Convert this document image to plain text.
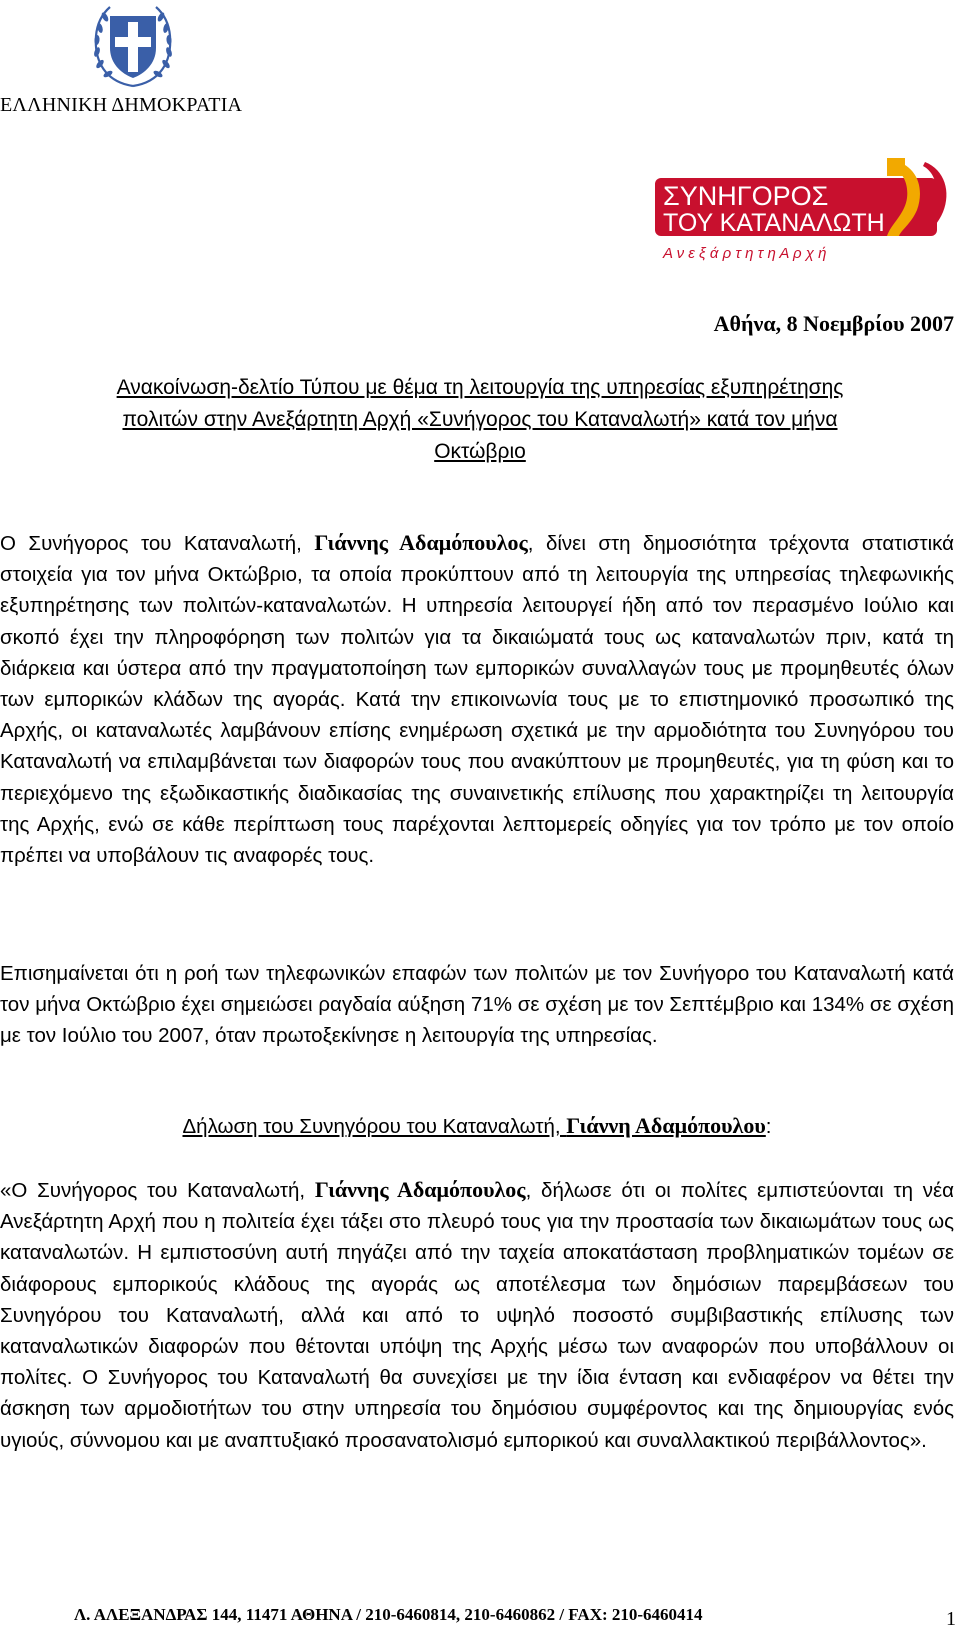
ΕΛΛΗΝΙΚΗ ΔΗΜΟΚΡΑΤΙΑ
ΣΥΝΗΓΟΡΟΣ
ΤΟΥ ΚΑΤΑΝΑΛΩΤΗ
Α ν ε ξ ά ρ τ η τ η Α ρ χ ή
Αθήνα, 8 Νοεμβρίου 2007
Ανακοίνωση-δελτίο Τύπου με θέμα τη λειτουργία της υπηρεσίας εξυπηρέτησης
πολιτών στην Ανεξάρτητη Αρχή «Συνήγορος του Καταναλωτή» κατά τον μήνα
Οκτώβριο
Ο Συνήγορος του Καταναλωτή, Γιάννης Αδαμόπουλος, δίνει στη δημοσιότητα τρέχοντα στατιστικά στοιχεία για τον μήνα Οκτώβριο, τα οποία προκύπτουν από τη λειτουργία της υπηρεσίας τηλεφωνικής εξυπηρέτησης των πολιτών-καταναλωτών. Η υπηρεσία λειτουργεί ήδη από τον περασμένο Ιούλιο και σκοπό έχει την πληροφόρηση των πολιτών για τα δικαιώματά τους ως καταναλωτών πριν, κατά τη διάρκεια και ύστερα από την πραγματοποίηση των εμπορικών συναλλαγών τους με προμηθευτές όλων των εμπορικών κλάδων της αγοράς. Κατά την επικοινωνία τους με το επιστημονικό προσωπικό της Αρχής, οι καταναλωτές λαμβάνουν επίσης ενημέρωση σχετικά με την αρμοδιότητα του Συνηγόρου του Καταναλωτή να επιλαμβάνεται των διαφορών τους που ανακύπτουν με προμηθευτές, για τη φύση και το περιεχόμενο της εξωδικαστικής διαδικασίας της συναινετικής επίλυσης που χαρακτηρίζει τη λειτουργία της Αρχής, ενώ σε κάθε περίπτωση τους παρέχονται λεπτομερείς οδηγίες για τον τρόπο με τον οποίο πρέπει να υποβάλουν τις αναφορές τους.
Επισημαίνεται ότι η ροή των τηλεφωνικών επαφών των πολιτών με τον Συνήγορο του Καταναλωτή κατά τον μήνα Οκτώβριο έχει σημειώσει ραγδαία αύξηση 71% σε σχέση με τον Σεπτέμβριο και 134% σε σχέση με τον Ιούλιο του 2007, όταν πρωτοξεκίνησε η λειτουργία της υπηρεσίας.
Δήλωση του Συνηγόρου του Καταναλωτή, Γιάννη Αδαμόπουλου:
«Ο Συνήγορος του Καταναλωτή, Γιάννης Αδαμόπουλος, δήλωσε ότι οι πολίτες εμπιστεύονται τη νέα Ανεξάρτητη Αρχή που η πολιτεία έχει τάξει στο πλευρό τους για την προστασία των δικαιωμάτων τους ως καταναλωτών. Η εμπιστοσύνη αυτή πηγάζει από την ταχεία αποκατάσταση προβληματικών τομέων σε διάφορους εμπορικούς κλάδους της αγοράς ως αποτέλεσμα των δημόσιων παρεμβάσεων του Συνηγόρου του Καταναλωτή, αλλά και από το υψηλό ποσοστό συμβιβαστικής επίλυσης των καταναλωτικών διαφορών που θέτονται υπόψη της Αρχής μέσω των αναφορών που υποβάλλουν οι πολίτες. Ο Συνήγορος του Καταναλωτή θα συνεχίσει με την ίδια ένταση και ενδιαφέρον να θέτει την άσκηση των αρμοδιοτήτων του στην υπηρεσία του δημόσιου συμφέροντος και της δημιουργίας ενός υγιούς, σύννομου και με αναπτυξιακό προσανατολισμό εμπορικού και συναλλακτικού περιβάλλοντος».
Λ. ΑΛΕΞΑΝΔΡΑΣ 144, 11471 ΑΘΗΝΑ / 210-6460814, 210-6460862 / FAX: 210-6460414	1
